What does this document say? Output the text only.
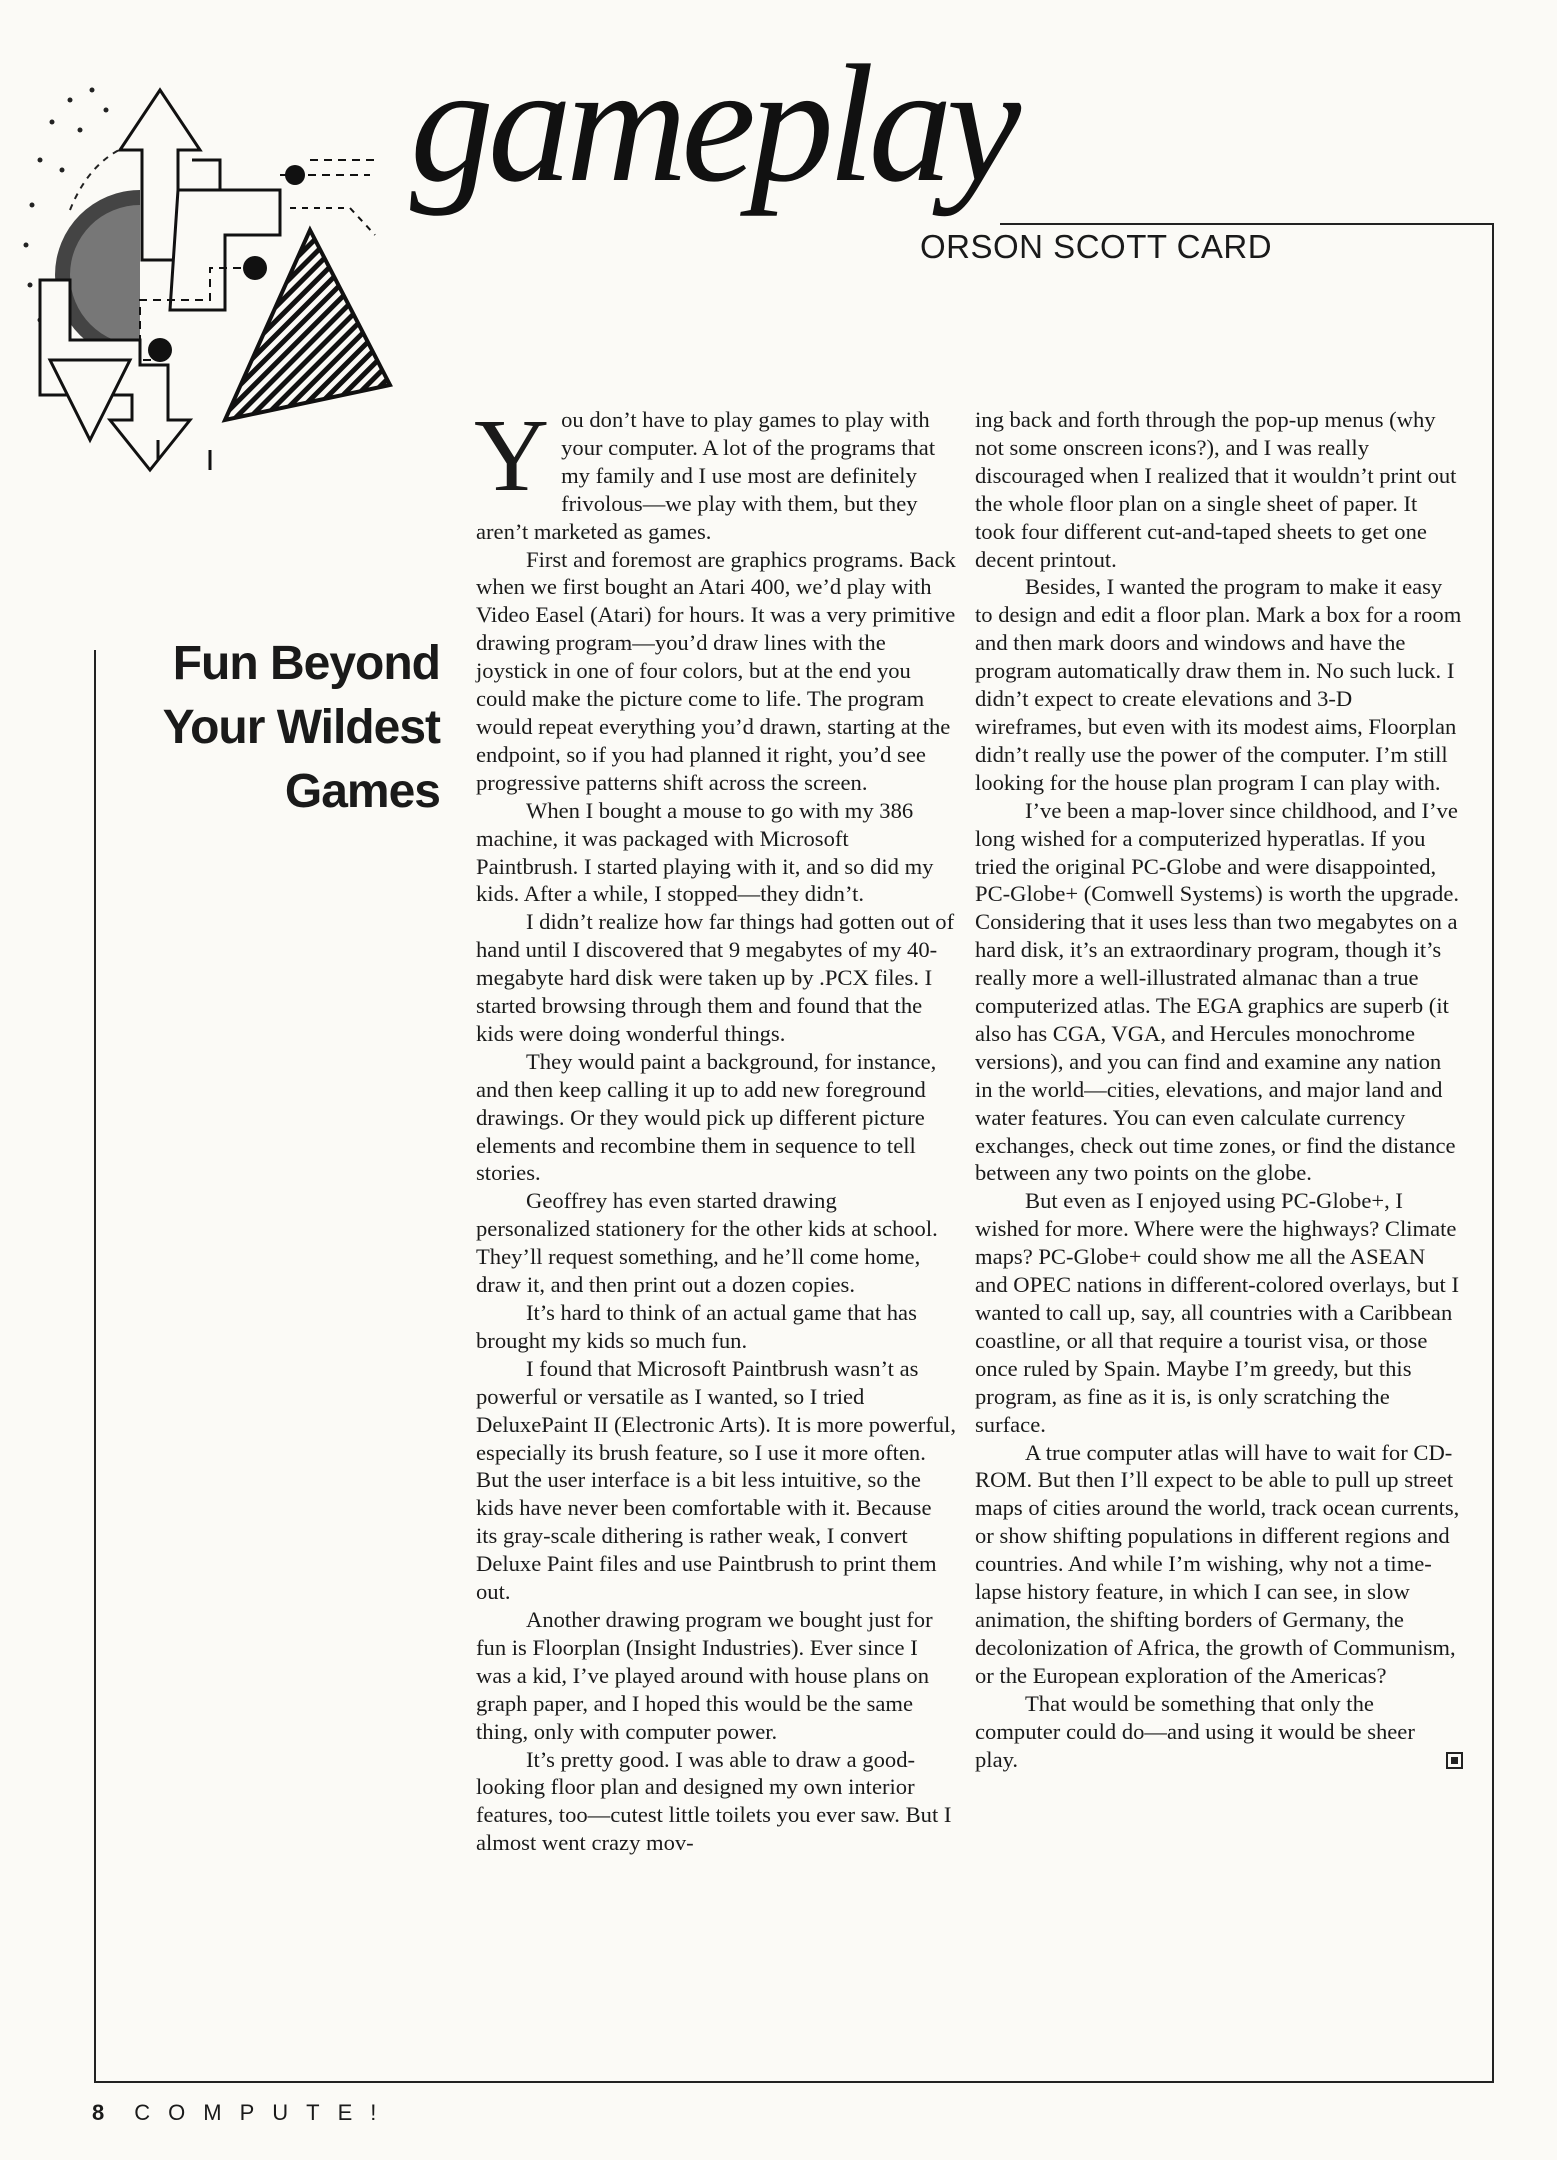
gameplay
ORSON SCOTT CARD
Fun Beyond
Your Wildest
Games

You don’t have to play games to play with your computer. A lot of the programs that my family and I use most are definitely frivolous—we play with them, but they aren’t marketed as games.

First and foremost are graphics programs. Back when we first bought an Atari 400, we’d play with Video Easel (Atari) for hours. It was a very primitive drawing program—you’d draw lines with the joystick in one of four colors, but at the end you could make the picture come to life. The program would repeat everything you’d drawn, starting at the endpoint, so if you had planned it right, you’d see progressive patterns shift across the screen.

When I bought a mouse to go with my 386 machine, it was packaged with Microsoft Paintbrush. I started playing with it, and so did my kids. After a while, I stopped—they didn’t.

I didn’t realize how far things had gotten out of hand until I discovered that 9 megabytes of my 40-megabyte hard disk were taken up by .PCX files. I started browsing through them and found that the kids were doing wonderful things.

They would paint a background, for instance, and then keep calling it up to add new foreground drawings. Or they would pick up different picture elements and recombine them in sequence to tell stories.

Geoffrey has even started drawing personalized stationery for the other kids at school. They’ll request something, and he’ll come home, draw it, and then print out a dozen copies.

It’s hard to think of an actual game that has brought my kids so much fun.

I found that Microsoft Paintbrush wasn’t as powerful or versatile as I wanted, so I tried DeluxePaint II (Electronic Arts). It is more powerful, especially its brush feature, so I use it more often. But the user interface is a bit less intuitive, so the kids have never been comfortable with it. Because its gray-scale dithering is rather weak, I convert Deluxe Paint files and use Paintbrush to print them out.

Another drawing program we bought just for fun is Floorplan (Insight Industries). Ever since I was a kid, I’ve played around with house plans on graph paper, and I hoped this would be the same thing, only with computer power.

It’s pretty good. I was able to draw a good-looking floor plan and designed my own interior features, too—cutest little toilets you ever saw. But I almost went crazy mov-

ing back and forth through the pop-up menus (why not some onscreen icons?), and I was really discouraged when I realized that it wouldn’t print out the whole floor plan on a single sheet of paper. It took four different cut-and-taped sheets to get one decent printout.

Besides, I wanted the program to make it easy to design and edit a floor plan. Mark a box for a room and then mark doors and windows and have the program automatically draw them in. No such luck. I didn’t expect to create elevations and 3-D wireframes, but even with its modest aims, Floorplan didn’t really use the power of the computer. I’m still looking for the house plan program I can play with.

I’ve been a map-lover since childhood, and I’ve long wished for a computerized hyperatlas. If you tried the original PC-Globe and were disappointed, PC-Globe+ (Comwell Systems) is worth the upgrade. Considering that it uses less than two megabytes on a hard disk, it’s an extraordinary program, though it’s really more a well-illustrated almanac than a true computerized atlas. The EGA graphics are superb (it also has CGA, VGA, and Hercules monochrome versions), and you can find and examine any nation in the world—cities, elevations, and major land and water features. You can even calculate currency exchanges, check out time zones, or find the distance between any two points on the globe.

But even as I enjoyed using PC-Globe+, I wished for more. Where were the highways? Climate maps? PC-Globe+ could show me all the ASEAN and OPEC nations in different-colored overlays, but I wanted to call up, say, all countries with a Caribbean coastline, or all that require a tourist visa, or those once ruled by Spain. Maybe I’m greedy, but this program, as fine as it is, is only scratching the surface.

A true computer atlas will have to wait for CD-ROM. But then I’ll expect to be able to pull up street maps of cities around the world, track ocean currents, or show shifting populations in different regions and countries. And while I’m wishing, why not a time-lapse history feature, in which I can see, in slow animation, the shifting borders of Germany, the decolonization of Africa, the growth of Communism, or the European exploration of the Americas?

That would be something that only the computer could do—and using it would be sheer play.

8 COMPUTE!
